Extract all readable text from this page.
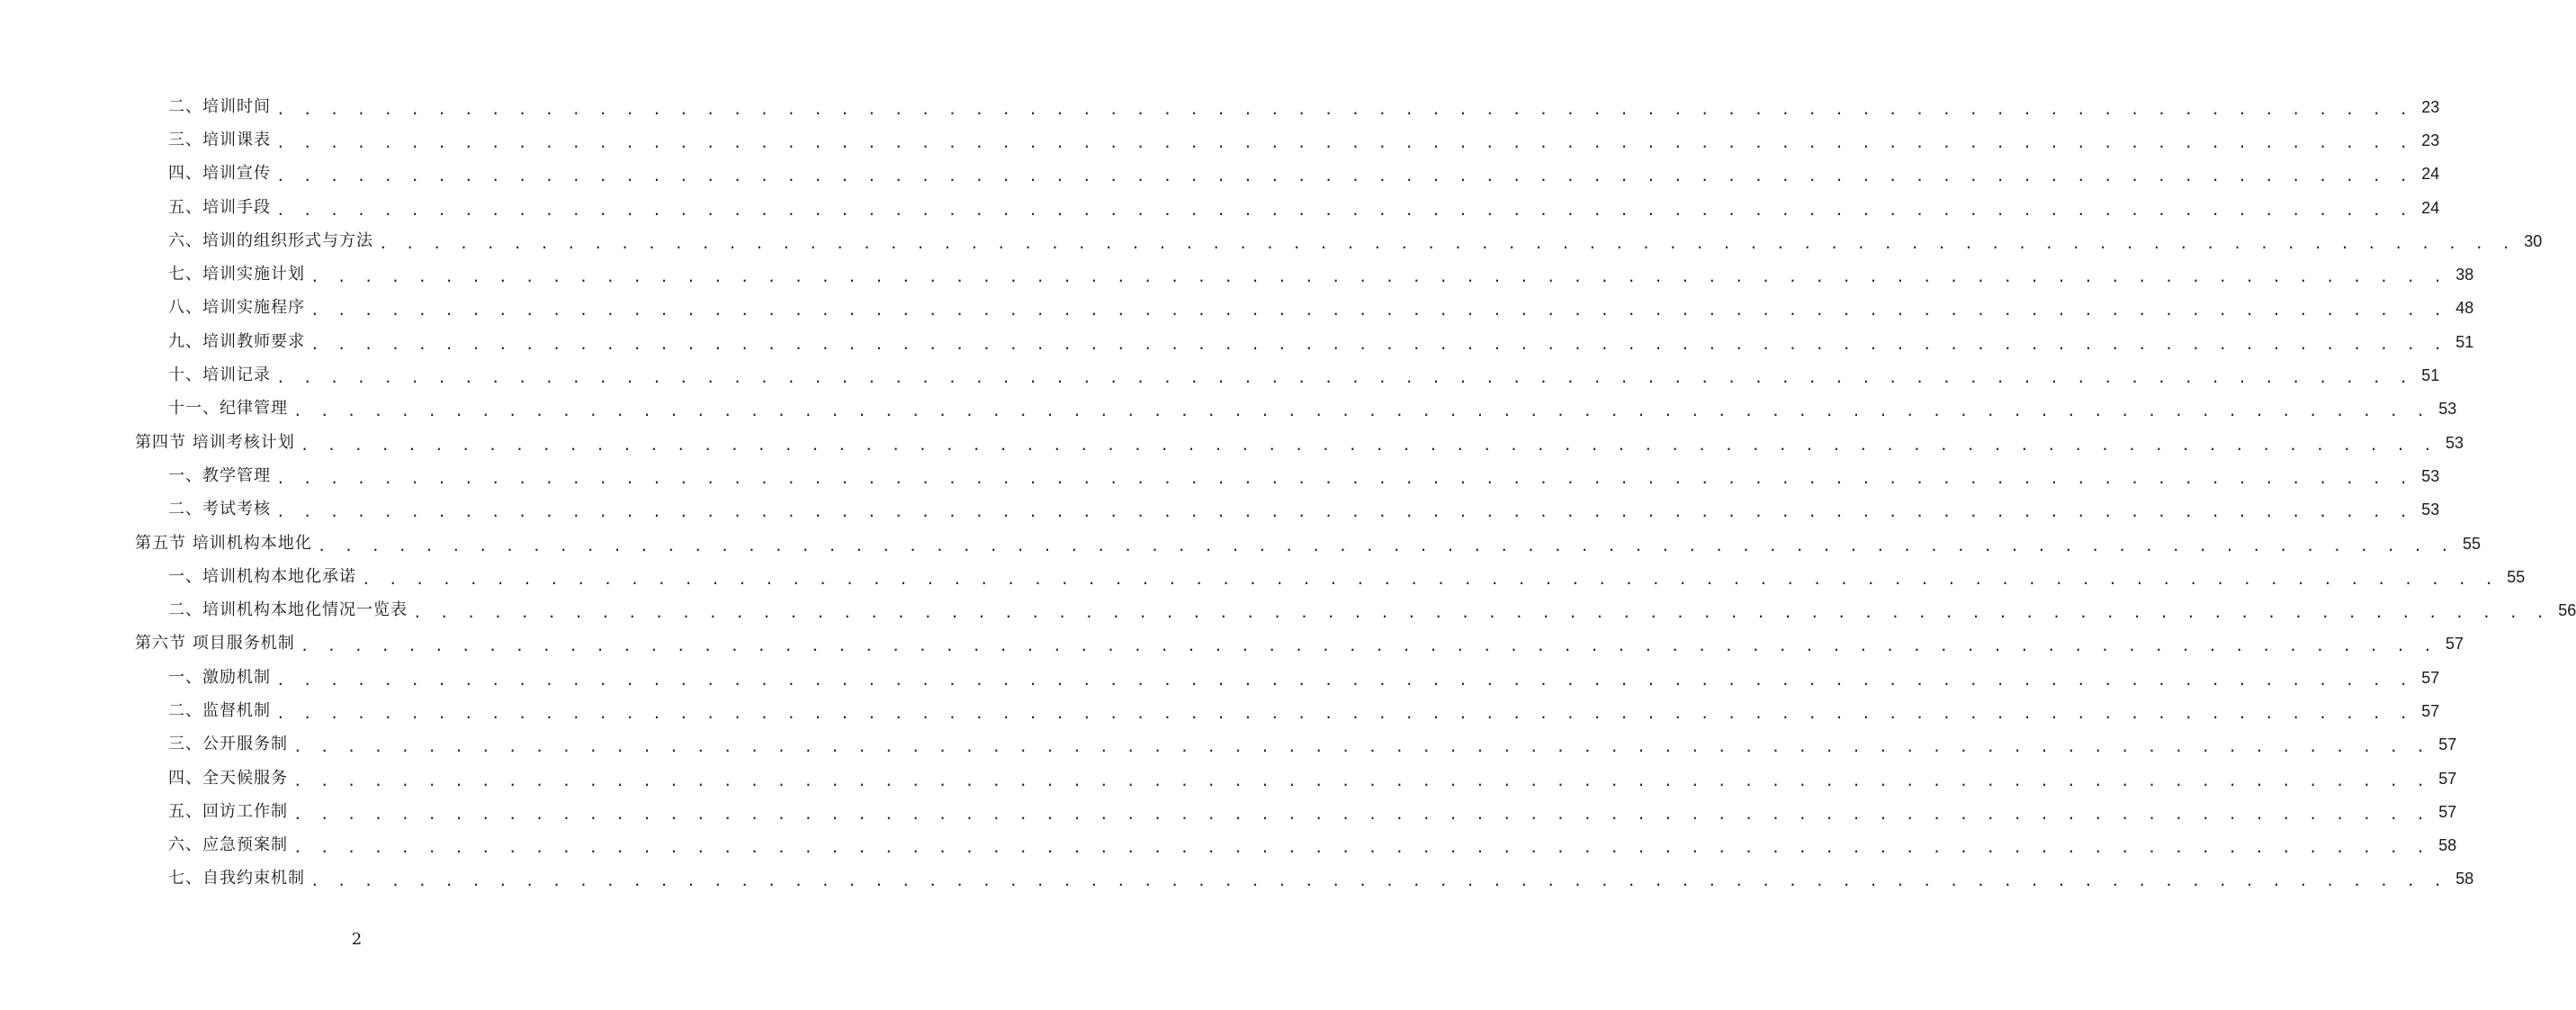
二、培训时间 . . . . . . . . . . . . . . . . . . . . . . . . . . . . . . . . . . . . . . . . . . . . . . . . . . . . . . . . . . . . . . . . . . . . . . . . . . . . . . . . 23
三、培训课表 . . . . . . . . . . . . . . . . . . . . . . . . . . . . . . . . . . . . . . . . . . . . . . . . . . . . . . . . . . . . . . . . . . . . . . . . . . . . . . . . 23
四、培训宣传 . . . . . . . . . . . . . . . . . . . . . . . . . . . . . . . . . . . . . . . . . . . . . . . . . . . . . . . . . . . . . . . . . . . . . . . . . . . . . . . . 24
五、培训手段 . . . . . . . . . . . . . . . . . . . . . . . . . . . . . . . . . . . . . . . . . . . . . . . . . . . . . . . . . . . . . . . . . . . . . . . . . . . . . . . . 24
六、培训的组织形式与方法 . . . . . . . . . . . . . . . . . . . . . . . . . . . . . . . . . . . . . . . . . . . . . . . . . . . . . . . . . . . . . . . . . . . . . . . . . . . . . . . . 30
七、培训实施计划 . . . . . . . . . . . . . . . . . . . . . . . . . . . . . . . . . . . . . . . . . . . . . . . . . . . . . . . . . . . . . . . . . . . . . . . . . . . . . . . . 38
八、培训实施程序 . . . . . . . . . . . . . . . . . . . . . . . . . . . . . . . . . . . . . . . . . . . . . . . . . . . . . . . . . . . . . . . . . . . . . . . . . . . . . . . . 48
九、培训教师要求 . . . . . . . . . . . . . . . . . . . . . . . . . . . . . . . . . . . . . . . . . . . . . . . . . . . . . . . . . . . . . . . . . . . . . . . . . . . . . . . . 51
十、培训记录 . . . . . . . . . . . . . . . . . . . . . . . . . . . . . . . . . . . . . . . . . . . . . . . . . . . . . . . . . . . . . . . . . . . . . . . . . . . . . . . . 51
十一、纪律管理 . . . . . . . . . . . . . . . . . . . . . . . . . . . . . . . . . . . . . . . . . . . . . . . . . . . . . . . . . . . . . . . . . . . . . . . . . . . . . . . . 53
第四节 培训考核计划 . . . . . . . . . . . . . . . . . . . . . . . . . . . . . . . . . . . . . . . . . . . . . . . . . . . . . . . . . . . . . . . . . . . . . . . . . . . . . . . . 53
一、教学管理 . . . . . . . . . . . . . . . . . . . . . . . . . . . . . . . . . . . . . . . . . . . . . . . . . . . . . . . . . . . . . . . . . . . . . . . . . . . . . . . . 53
二、考试考核 . . . . . . . . . . . . . . . . . . . . . . . . . . . . . . . . . . . . . . . . . . . . . . . . . . . . . . . . . . . . . . . . . . . . . . . . . . . . . . . . 53
第五节 培训机构本地化 . . . . . . . . . . . . . . . . . . . . . . . . . . . . . . . . . . . . . . . . . . . . . . . . . . . . . . . . . . . . . . . . . . . . . . . . . . . . . . . . 55
一、培训机构本地化承诺 . . . . . . . . . . . . . . . . . . . . . . . . . . . . . . . . . . . . . . . . . . . . . . . . . . . . . . . . . . . . . . . . . . . . . . . . . . . . . . . . 55
二、培训机构本地化情况一览表 . . . . . . . . . . . . . . . . . . . . . . . . . . . . . . . . . . . . . . . . . . . . . . . . . . . . . . . . . . . . . . . . . . . . . . . . . . . . . . . . 56
第六节 项目服务机制 . . . . . . . . . . . . . . . . . . . . . . . . . . . . . . . . . . . . . . . . . . . . . . . . . . . . . . . . . . . . . . . . . . . . . . . . . . . . . . . . 57
一、激励机制 . . . . . . . . . . . . . . . . . . . . . . . . . . . . . . . . . . . . . . . . . . . . . . . . . . . . . . . . . . . . . . . . . . . . . . . . . . . . . . . . 57
二、监督机制 . . . . . . . . . . . . . . . . . . . . . . . . . . . . . . . . . . . . . . . . . . . . . . . . . . . . . . . . . . . . . . . . . . . . . . . . . . . . . . . . 57
三、公开服务制 . . . . . . . . . . . . . . . . . . . . . . . . . . . . . . . . . . . . . . . . . . . . . . . . . . . . . . . . . . . . . . . . . . . . . . . . . . . . . . . . 57
四、全天候服务 . . . . . . . . . . . . . . . . . . . . . . . . . . . . . . . . . . . . . . . . . . . . . . . . . . . . . . . . . . . . . . . . . . . . . . . . . . . . . . . . 57
五、回访工作制 . . . . . . . . . . . . . . . . . . . . . . . . . . . . . . . . . . . . . . . . . . . . . . . . . . . . . . . . . . . . . . . . . . . . . . . . . . . . . . . . 57
六、应急预案制 . . . . . . . . . . . . . . . . . . . . . . . . . . . . . . . . . . . . . . . . . . . . . . . . . . . . . . . . . . . . . . . . . . . . . . . . . . . . . . . . 58
七、自我约束机制 . . . . . . . . . . . . . . . . . . . . . . . . . . . . . . . . . . . . . . . . . . . . . . . . . . . . . . . . . . . . . . . . . . . . . . . . . . . . . . . . 58
2
